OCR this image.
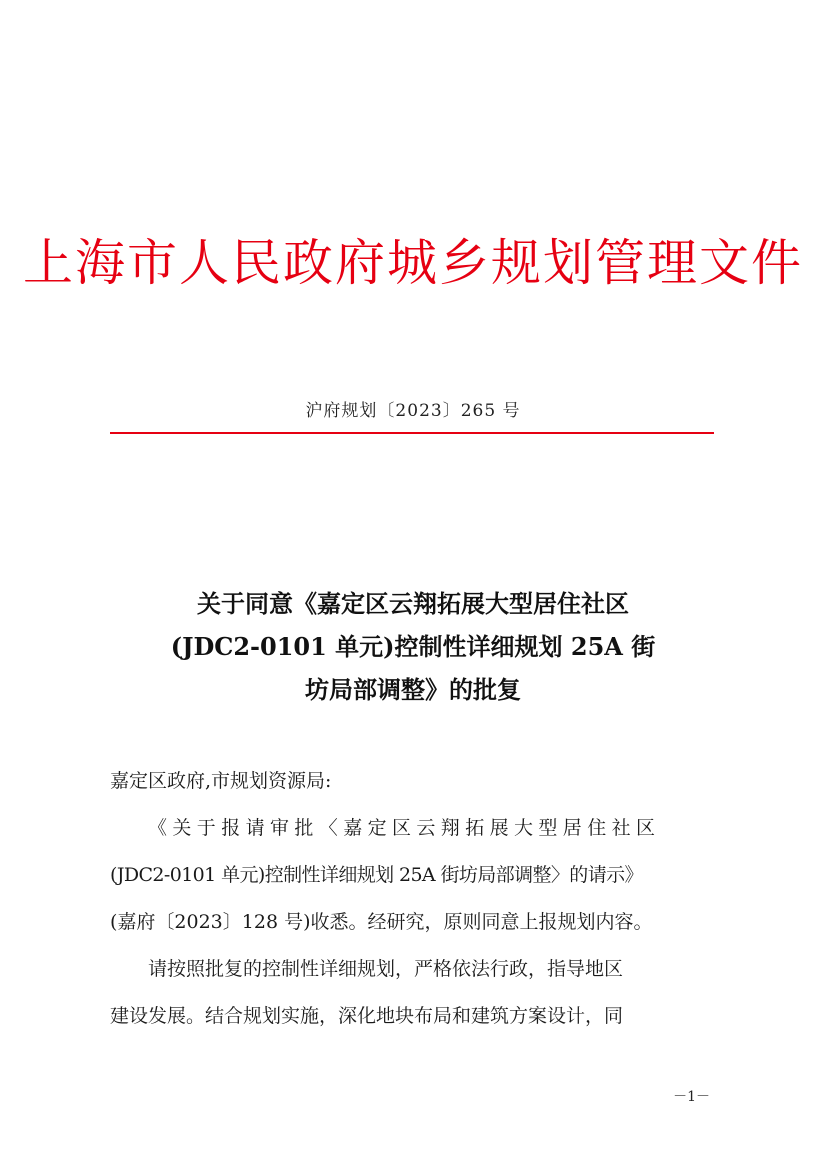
上海市人民政府城乡规划管理文件
沪府规划〔2023〕265 号
关于同意《嘉定区云翔拓展大型居住社区
(JDC2-0101 单元)控制性详细规划 25A 街
坊局部调整》的批复

嘉定区政府,市规划资源局:

《关于报请审批〈嘉定区云翔拓展大型居住社区
(JDC2-0101 单元)控制性详细规划 25A 街坊局部调整〉的请示》
(嘉府〔2023〕128 号)收悉。经研究，原则同意上报规划内容。

请按照批复的控制性详细规划，严格依法行政，指导地区
建设发展。结合规划实施，深化地块布局和建筑方案设计，同

－1－
